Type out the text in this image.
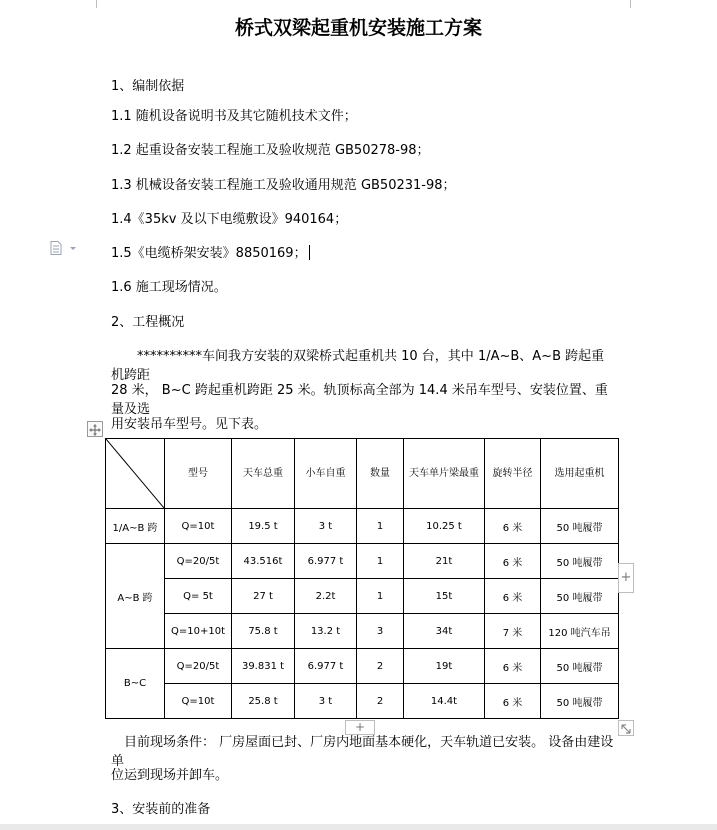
桥式双梁起重机安装施工方案
1、编制依据
1.1 随机设备说明书及其它随机技术文件；
1.2 起重设备安装工程施工及验收规范 GB50278-98；
1.3 机械设备安装工程施工及验收通用规范 GB50231-98；
1.4《35kv 及以下电缆敷设》940164；
1.5《电缆桥架安装》8850169；
1.6 施工现场情况。
2、工程概况
**********车间我方安装的双梁桥式起重机共 10 台，其中 1/A~B、A~B 跨起重机跨距
28 米， B~C 跨起重机跨距 25 米。轨顶标高全部为 14.4 米吊车型号、安装位置、重量及选
用安装吊车型号。见下表。
	型号	天车总重	小车自重	数量	天车单片梁最重	旋转半径	选用起重机
1/A~B 跨	Q=10t	19.5 t	3 t	1	10.25 t	6 米	50 吨履带
A~B 跨	Q=20/5t	43.516t	6.977 t	1	21t	6 米	50 吨履带
	Q= 5t	27 t	2.2t	1	15t	6 米	50 吨履带
	Q=10+10t	75.8 t	13.2 t	3	34t	7 米	120 吨汽车吊
B~C	Q=20/5t	39.831 t	6.977 t	2	19t	6 米	50 吨履带
	Q=10t	25.8 t	3 t	2	14.4t	6 米	50 吨履带
+
+
目前现场条件： 厂房屋面已封、厂房内地面基本硬化，天车轨道已安装。 设备由建设单
位运到现场并卸车。
3、安装前的准备
